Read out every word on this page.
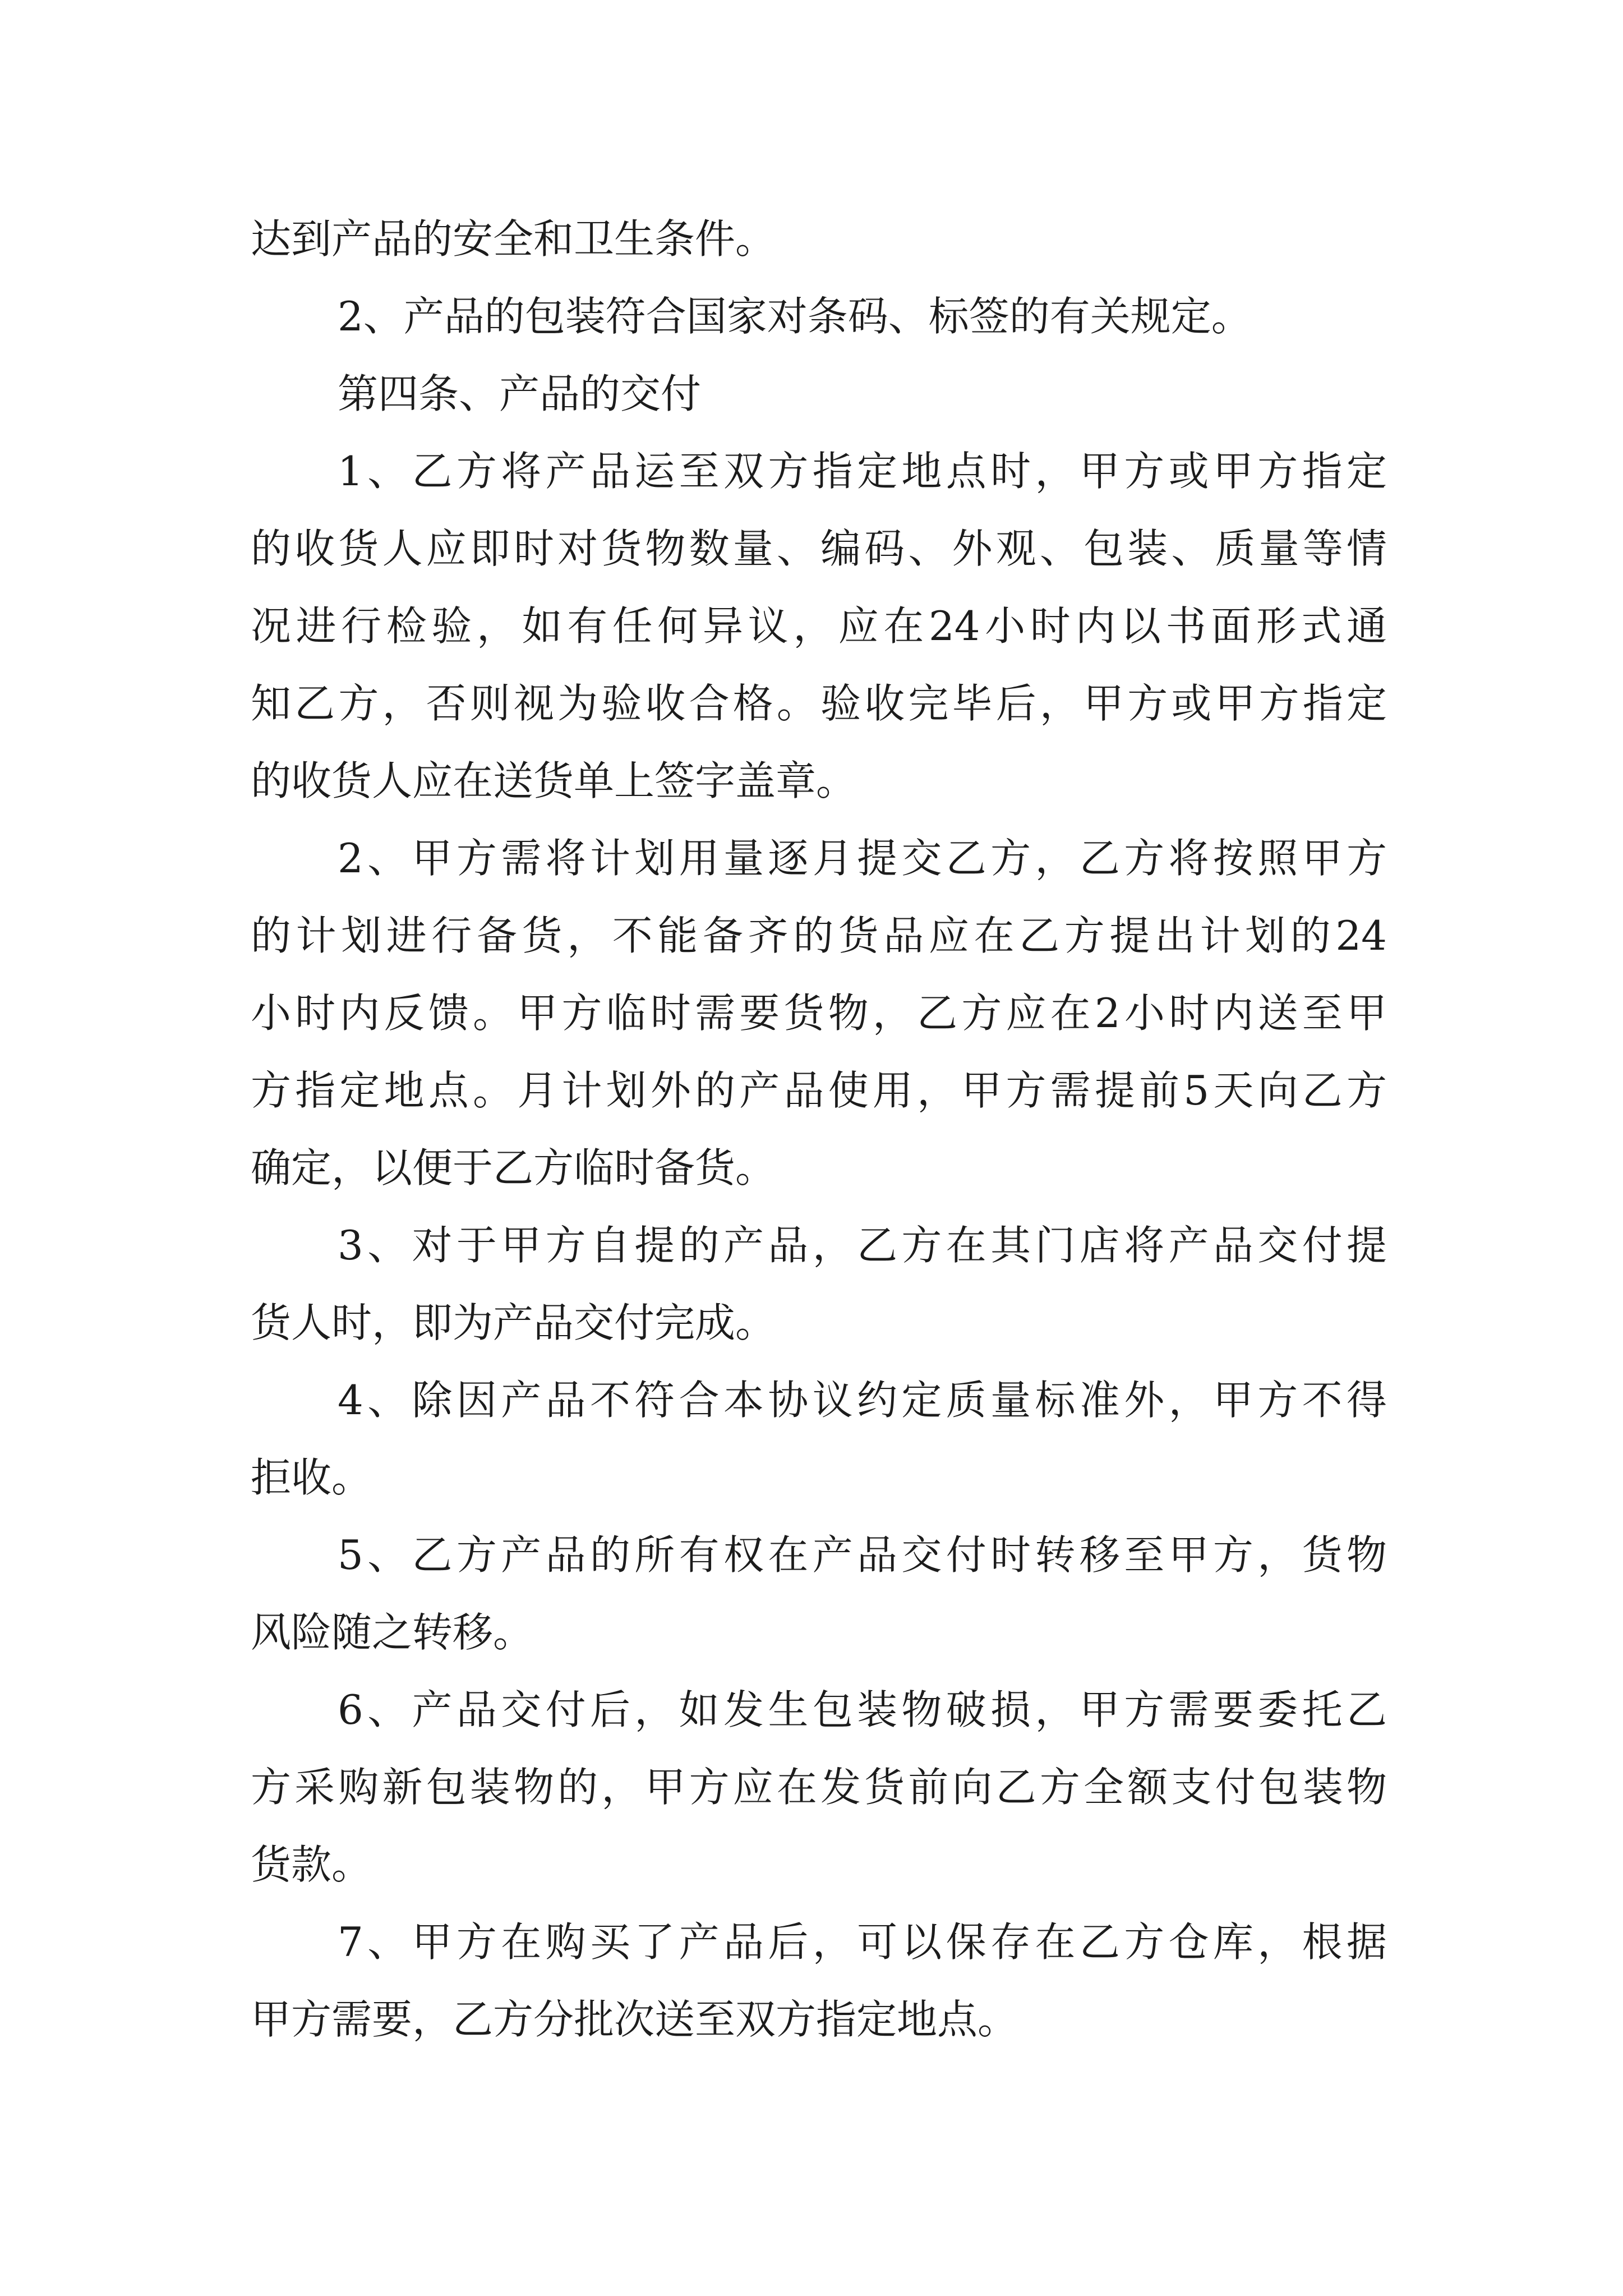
达到产品的安全和卫生条件。
2、产品的包装符合国家对条码、标签的有关规定。
第四条、产品的交付
1、乙方将产品运至双方指定地点时，甲方或甲方指定
的收货人应即时对货物数量、编码、外观、包装、质量等情
况进行检验，如有任何异议，应在24小时内以书面形式通
知乙方，否则视为验收合格。验收完毕后，甲方或甲方指定
的收货人应在送货单上签字盖章。
2、甲方需将计划用量逐月提交乙方，乙方将按照甲方
的计划进行备货，不能备齐的货品应在乙方提出计划的24
小时内反馈。甲方临时需要货物，乙方应在2小时内送至甲
方指定地点。月计划外的产品使用，甲方需提前5天向乙方
确定，以便于乙方临时备货。
3、对于甲方自提的产品，乙方在其门店将产品交付提
货人时，即为产品交付完成。
4、除因产品不符合本协议约定质量标准外，甲方不得
拒收。
5、乙方产品的所有权在产品交付时转移至甲方，货物
风险随之转移。
6、产品交付后，如发生包装物破损，甲方需要委托乙
方采购新包装物的，甲方应在发货前向乙方全额支付包装物
货款。
7、甲方在购买了产品后，可以保存在乙方仓库，根据
甲方需要，乙方分批次送至双方指定地点。
